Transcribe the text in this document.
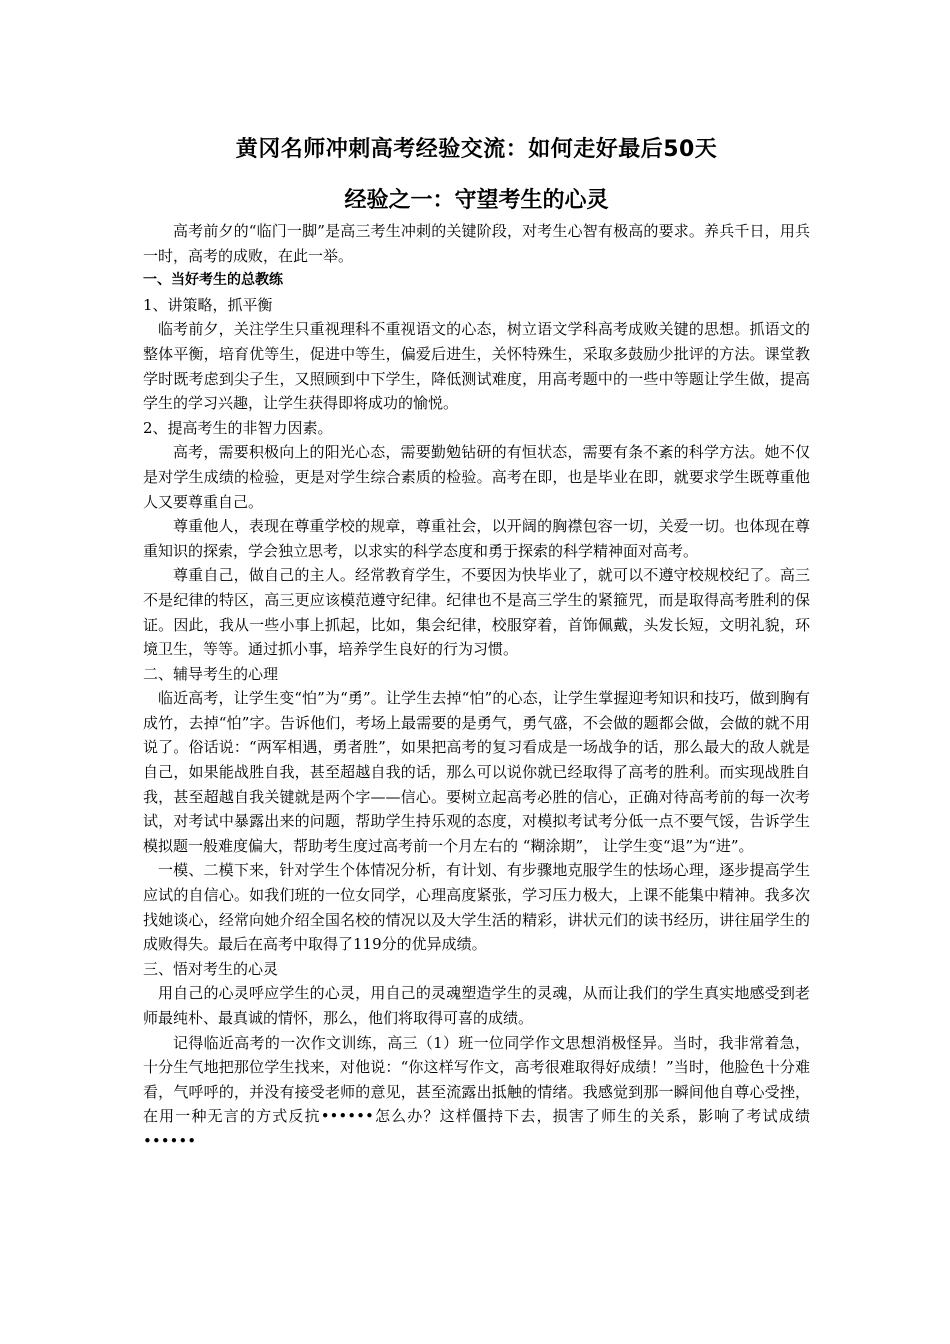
黄冈名师冲刺高考经验交流：如何走好最后50天
经验之一：守望考生的心灵

高考前夕的“临门一脚”是高三考生冲刺的关键阶段，对考生心智有极高的要求。养兵千日，用兵一时，高考的成败，在此一举。

一、当好考生的总教练

1、讲策略，抓平衡

临考前夕，关注学生只重视理科不重视语文的心态，树立语文学科高考成败关键的思想。抓语文的整体平衡，培育优等生，促进中等生，偏爱后进生，关怀特殊生，采取多鼓励少批评的方法。课堂教学时既考虑到尖子生，又照顾到中下学生，降低测试难度，用高考题中的一些中等题让学生做，提高学生的学习兴趣，让学生获得即将成功的愉悦。

2、提高考生的非智力因素。

高考，需要积极向上的阳光心态，需要勤勉钻研的有恒状态，需要有条不紊的科学方法。她不仅是对学生成绩的检验，更是对学生综合素质的检验。高考在即，也是毕业在即，就要求学生既尊重他人又要尊重自己。

尊重他人，表现在尊重学校的规章，尊重社会，以开阔的胸襟包容一切，关爱一切。也体现在尊重知识的探索，学会独立思考，以求实的科学态度和勇于探索的科学精神面对高考。

尊重自己，做自己的主人。经常教育学生，不要因为快毕业了，就可以不遵守校规校纪了。高三不是纪律的特区，高三更应该模范遵守纪律。纪律也不是高三学生的紧箍咒，而是取得高考胜利的保证。因此，我从一些小事上抓起，比如，集会纪律，校服穿着，首饰佩戴，头发长短，文明礼貌，环境卫生，等等。通过抓小事，培养学生良好的行为习惯。

二、辅导考生的心理

临近高考，让学生变“怕”为“勇”。让学生去掉“怕”的心态，让学生掌握迎考知识和技巧，做到胸有成竹，去掉“怕”字。告诉他们，考场上最需要的是勇气，勇气盛，不会做的题都会做，会做的就不用说了。俗话说：“两军相遇，勇者胜”，如果把高考的复习看成是一场战争的话，那么最大的敌人就是自己，如果能战胜自我，甚至超越自我的话，那么可以说你就已经取得了高考的胜利。而实现战胜自我，甚至超越自我关键就是两个字——信心。要树立起高考必胜的信心，正确对待高考前的每一次考试，对考试中暴露出来的问题，帮助学生持乐观的态度，对模拟考试考分低一点不要气馁，告诉学生模拟题一般难度偏大，帮助考生度过高考前一个月左右的 “糊涂期”， 让学生变“退”为“进”。

一模、二模下来，针对学生个体情况分析，有计划、有步骤地克服学生的怯场心理，逐步提高学生应试的自信心。如我们班的一位女同学，心理高度紧张，学习压力极大，上课不能集中精神。我多次找她谈心，经常向她介绍全国名校的情况以及大学生活的精彩，讲状元们的读书经历，讲往届学生的成败得失。最后在高考中取得了119分的优异成绩。

三、悟对考生的心灵

用自己的心灵呼应学生的心灵，用自己的灵魂塑造学生的灵魂，从而让我们的学生真实地感受到老师最纯朴、最真诚的情怀，那么，他们将取得可喜的成绩。

记得临近高考的一次作文训练，高三（1）班一位同学作文思想消极怪异。当时，我非常着急，十分生气地把那位学生找来，对他说：“你这样写作文，高考很难取得好成绩！”当时，他脸色十分难看，气呼呼的，并没有接受老师的意见，甚至流露出抵触的情绪。我感觉到那一瞬间他自尊心受挫，在用一种无言的方式反抗••••••怎么办？这样僵持下去，损害了师生的关系，影响了考试成绩••••••
